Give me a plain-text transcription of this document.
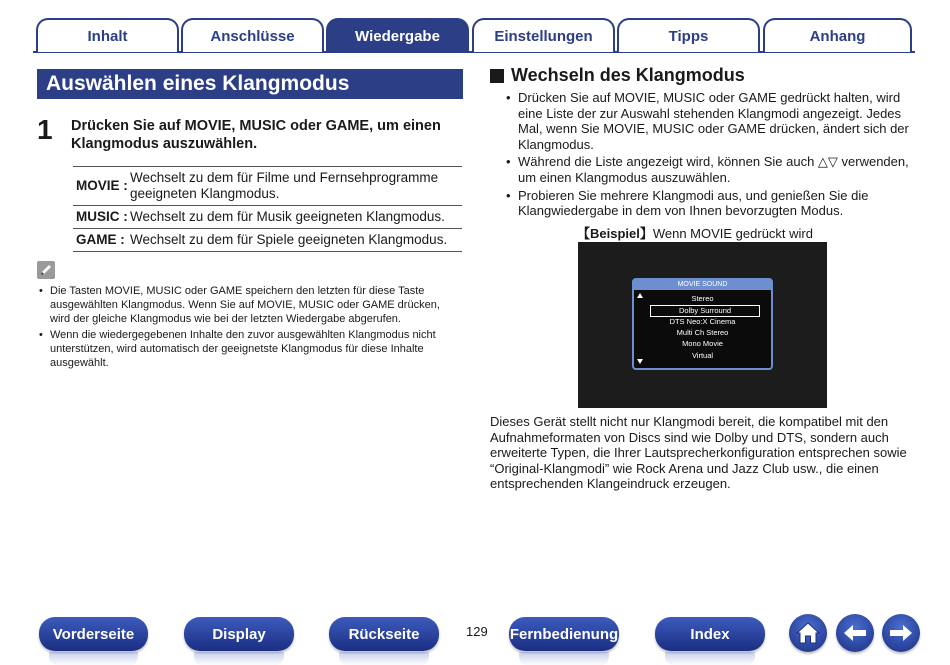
Inhalt	Anschlüsse	Wiedergabe	Einstellungen	Tipps	Anhang
Auswählen eines Klangmodus
1 Drücken Sie auf MOVIE, MUSIC oder GAME, um einen Klangmodus auszuwählen.
MOVIE :	Wechselt zu dem für Filme und Fernsehprogramme geeigneten Klangmodus.
MUSIC :	Wechselt zu dem für Musik geeigneten Klangmodus.
GAME :	Wechselt zu dem für Spiele geeigneten Klangmodus.
• Die Tasten MOVIE, MUSIC oder GAME speichern den letzten für diese Taste ausgewählten Klangmodus. Wenn Sie auf MOVIE, MUSIC oder GAME drücken, wird der gleiche Klangmodus wie bei der letzten Wiedergabe abgerufen.
• Wenn die wiedergegebenen Inhalte den zuvor ausgewählten Klangmodus nicht unterstützen, wird automatisch der geeignetste Klangmodus für diese Inhalte ausgewählt.
Wechseln des Klangmodus
• Drücken Sie auf MOVIE, MUSIC oder GAME gedrückt halten, wird eine Liste der zur Auswahl stehenden Klangmodi angezeigt. Jedes Mal, wenn Sie MOVIE, MUSIC oder GAME drücken, ändert sich der Klangmodus.
• Während die Liste angezeigt wird, können Sie auch △▽ verwenden, um einen Klangmodus auszuwählen.
• Probieren Sie mehrere Klangmodi aus, und genießen Sie die Klangwiedergabe in dem von Ihnen bevorzugten Modus.
【Beispiel】Wenn MOVIE gedrückt wird
MOVIE SOUND
Stereo
Dolby Surround
DTS Neo:X Cinema
Multi Ch Stereo
Mono Movie
Virtual
Dieses Gerät stellt nicht nur Klangmodi bereit, die kompatibel mit den Aufnahmeformaten von Discs sind wie Dolby und DTS, sondern auch erweiterte Typen, die Ihrer Lautsprecherkonfiguration entsprechen sowie “Original-Klangmodi” wie Rock Arena und Jazz Club usw., die einen entsprechenden Klangeindruck erzeugen.
Vorderseite	Display	Rückseite	129 Fernbedienung	Index
